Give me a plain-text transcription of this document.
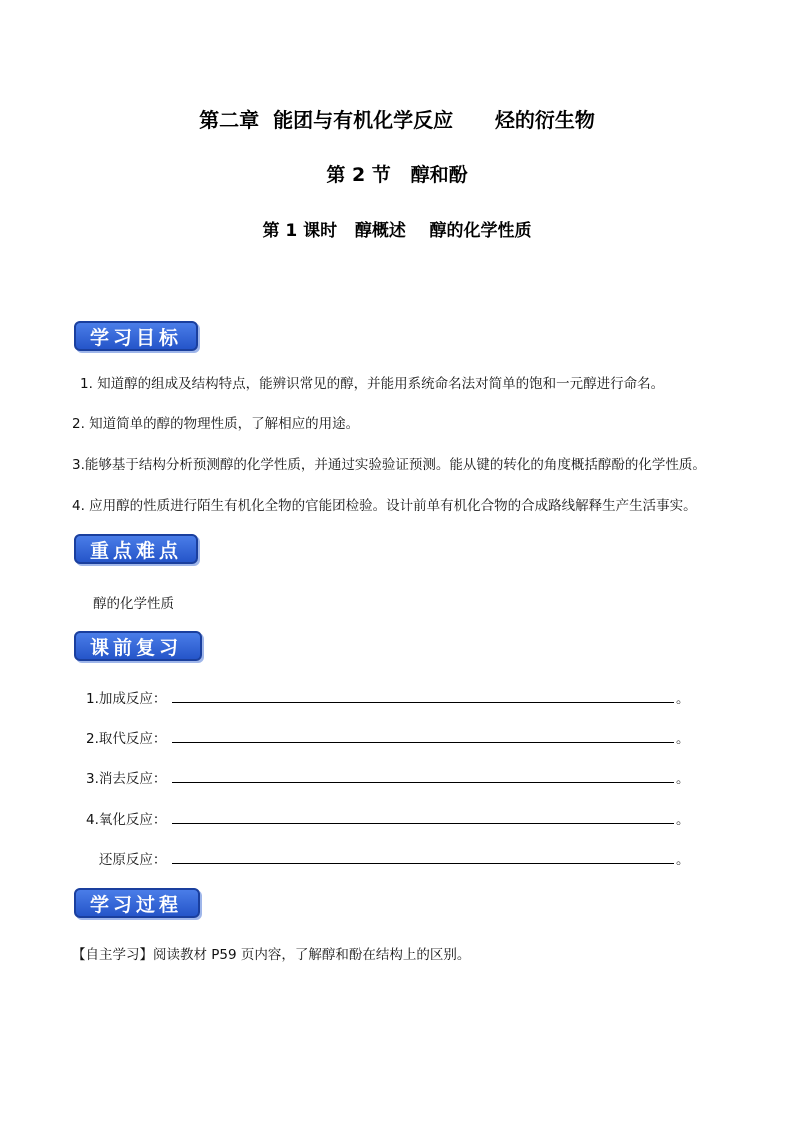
第二章  能团与有机化学反应      烃的衍生物
第 2 节   醇和酚
第 1 课时   醇概述    醇的化学性质
学习目标
1. 知道醇的组成及结构特点，能辨识常见的醇，并能用系统命名法对简单的饱和一元醇进行命名。
2. 知道简单的醇的物理性质，了解相应的用途。
3.能够基于结构分析预测醇的化学性质，并通过实验验证预测。能从键的转化的角度概括醇酚的化学性质。
4. 应用醇的性质进行陌生有机化全物的官能团检验。设计前单有机化合物的合成路线解释生产生活事实。
重点难点
醇的化学性质
课前复习
1.加成反应：	。
2.取代反应：	。
3.消去反应：	。
4.氧化反应：	。
还原反应：	。
学习过程
【自主学习】阅读教材 P59 页内容，了解醇和酚在结构上的区别。
